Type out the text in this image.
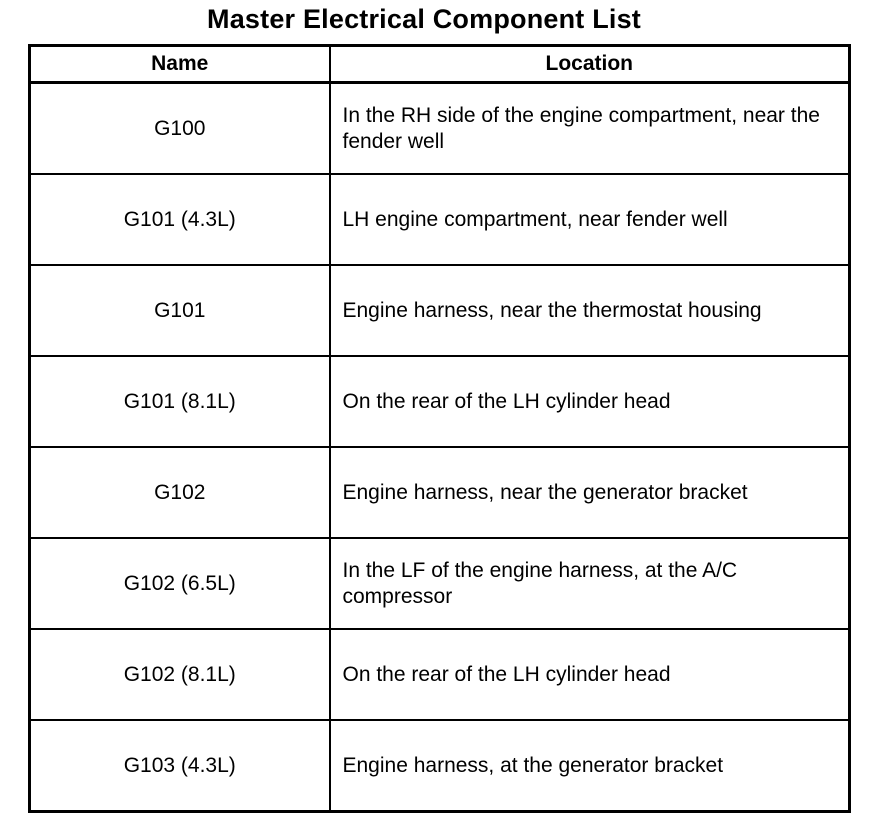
Master Electrical Component List
Name	Location
G100	In the RH side of the engine compartment, near the fender well
G101 (4.3L)	LH engine compartment, near fender well
G101	Engine harness, near the thermostat housing
G101 (8.1L)	On the rear of the LH cylinder head
G102	Engine harness, near the generator bracket
G102 (6.5L)	In the LF of the engine harness, at the A/C compressor
G102 (8.1L)	On the rear of the LH cylinder head
G103 (4.3L)	Engine harness, at the generator bracket
